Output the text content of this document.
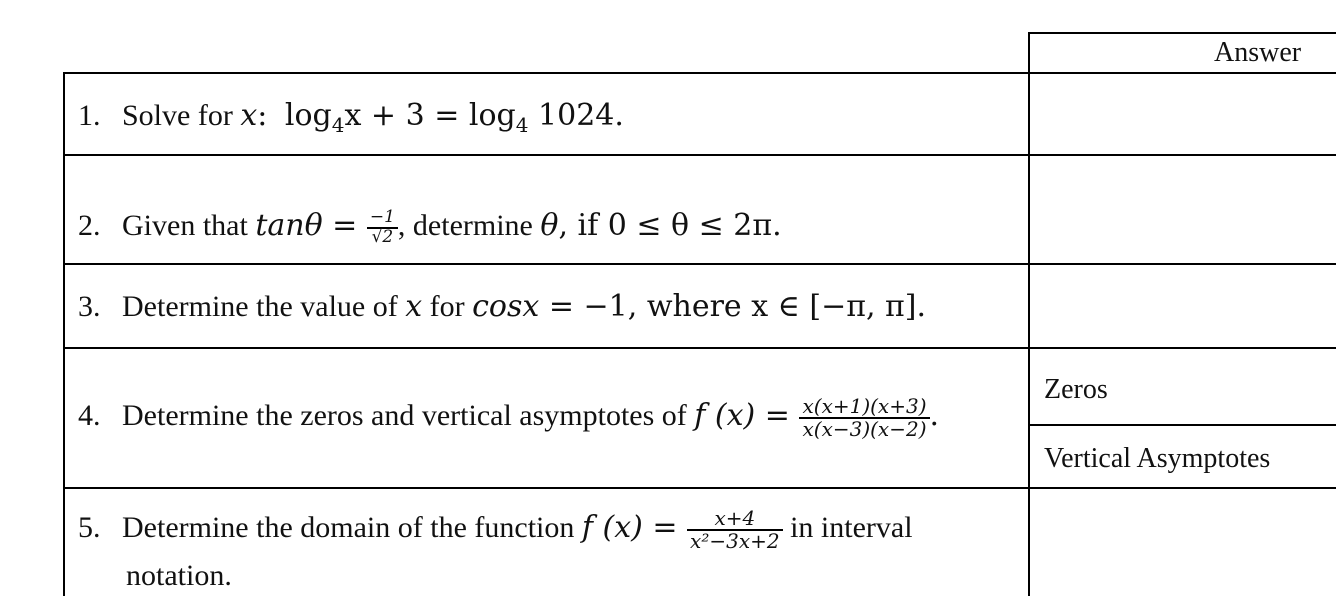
Answer
1. Solve for x: $\log_4x + 3 = \log_4 1024$.
2. Given that $\tan\theta = \frac{-1}{√2}$ , determine θ, if 0 ≤ θ ≤ 2π.
3. Determine the value of x for cosx = −1, where x ∈ [−π, π].
4. Determine the zeros and vertical asymptotes of f $(x) = \frac{x(x+1)(x+3)}{x(x-3)(x-2)}$ .
5. Determine the domain of the function f $(x) = \frac{x+4}{\text{x²−3x+2}}$ in interval
notation.
Zeros
Vertical Asymptotes
